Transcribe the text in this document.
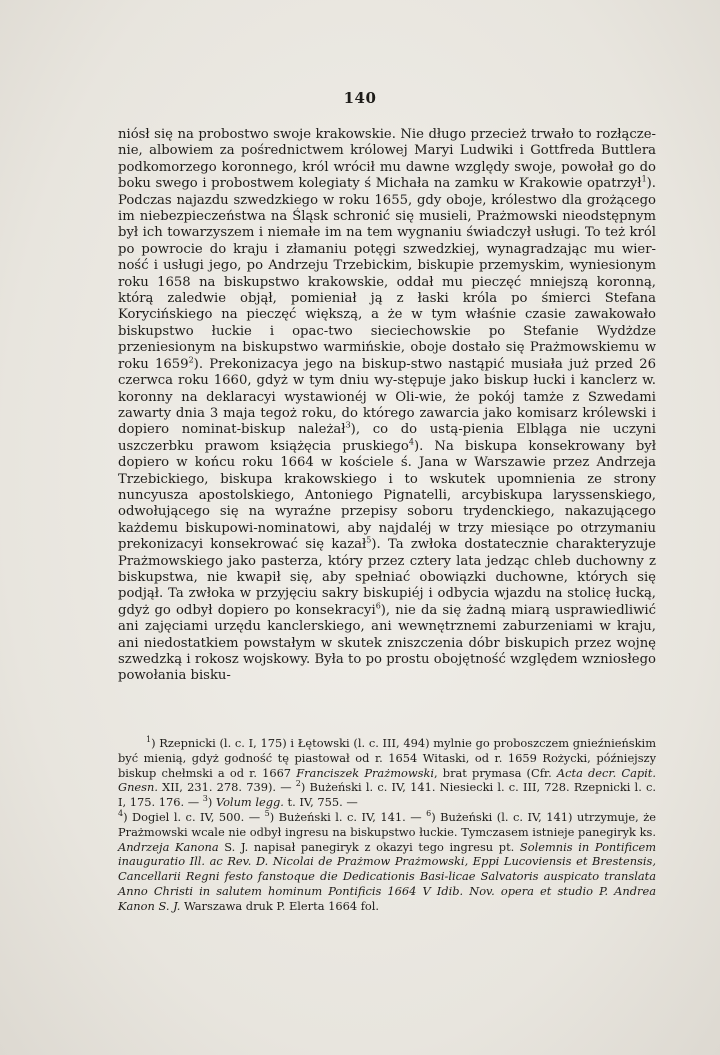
140

niósł się na probostwo swoje krakowskie. Nie długo przecież trwało to rozłącze-nie, albowiem za pośrednictwem królowej Maryi Ludwiki i Gottfreda Buttlera podkomorzego koronnego, król wrócił mu dawne względy swoje, powołał go do boku swego i probostwem kolegiaty ś Michała na zamku w Krakowie opatrzył$^1$). Podczas najazdu szwedzkiego w roku 1655, gdy oboje, królestwo dla grożącego im niebezpieczeństwa na Śląsk schronić się musieli, Prażmowski nieodstępnym był ich towarzyszem i niemałe im na tem wygnaniu świadczył usługi. To też król po powrocie do kraju i złamaniu potęgi szwedzkiej, wynagradzając mu wier-ność i usługi jego, po Andrzeju Trzebickim, biskupie przemyskim, wyniesionym roku 1658 na biskupstwo krakowskie, oddał mu pieczęć mniejszą koronną, którą zaledwie objął, pomieniał ją z łaski króla po śmierci Stefana Korycińskiego na pieczęć większą, a że w tym właśnie czasie zawakowało biskupstwo łuckie i opac-two sieciechowskie po Stefanie Wydżdze przeniesionym na biskupstwo warmińskie, oboje dostało się Prażmowskiemu w roku 1659$^2$). Prekonizacya jego na biskup-stwo nastąpić musiała już przed 26 czerwca roku 1660, gdyż w tym dniu wy-stępuje jako biskup łucki i kanclerz w. koronny na deklaracyi wystawionéj w Oli-wie, że pokój tamże z Szwedami zawarty dnia 3 maja tegoż roku, do którego zawarcia jako komisarz królewski i dopiero nominat-biskup należał$^3$), co do ustą-pienia Elbląga nie uczyni uszczerbku prawom książęcia pruskiego$^4$). Na biskupa konsekrowany był dopiero w końcu roku 1664 w kościele ś. Jana w Warszawie przez Andrzeja Trzebickiego, biskupa krakowskiego i to wskutek upomnienia ze strony nuncyusza apostolskiego, Antoniego Pignatelli, arcybiskupa laryssenskiego, odwołującego się na wyraźne przepisy soboru trydenckiego, nakazującego każdemu biskupowi-nominatowi, aby najdaléj w trzy miesiące po otrzymaniu prekonizacyi konsekrować się kazał$^5$). Ta zwłoka dostatecznie charakteryzuje Prażmowskiego jako pasterza, który przez cztery lata jedząc chleb duchowny z biskupstwa, nie kwapił się, aby spełniać obowiązki duchowne, których się podjął. Ta zwłoka w przyjęciu sakry biskupiéj i odbycia wjazdu na stolicę łucką, gdyż go odbył dopiero po konsekracyi$^6$), nie da się żadną miarą usprawiedliwić ani zajęciami urzędu kanclerskiego, ani wewnętrznemi zaburzeniami w kraju, ani niedostatkiem powstałym w skutek zniszczenia dóbr biskupich przez wojnę szwedzką i rokosz wojskowy. Była to po prostu obojętność względem wzniosłego powołania bisku-

$^1$) Rzepnicki (l. c. I, 175) i Łętowski (l. c. III, 494) mylnie go proboszczem gnieźnieńskim być mienią, gdyż godność tę piastował od r. 1654 Witaski, od r. 1659 Rożycki, późniejszy biskup chełmski a od r. 1667 Franciszek Prażmowski, brat prymasa (Cfr. Acta decr. Capit. Gnesn. XII, 231. 278. 739). — $^2$) Bużeński l. c. IV, 141. Niesiecki l. c. III, 728. Rzepnicki l. c. I, 175. 176. — $^3$) Volum legg. t. IV, 755. —
$^4$) Dogiel l. c. IV, 500. — $^5$) Bużeński l. c. IV, 141. — $^6$) Bużeński (l. c. IV, 141) utrzymuje, że Prażmowski wcale nie odbył ingresu na biskupstwo łuckie. Tymczasem istnieje panegiryk ks. Andrzeja Kanona S. J. napisał panegiryk z okazyi tego ingresu pt. Solemnis in Pontificem inauguratio Ill. ac Rev. D. Nicolai de Prażmow Prażmowski, Eppi Lucoviensis et Brestensis, Cancellarii Regni festo fanstoque die Dedicationis Basi-licae Salvatoris auspicato translata Anno Christi in salutem hominum Pontificis 1664 V Idib. Nov. opera et studio P. Andrea Kanon S. J. Warszawa druk P. Elerta 1664 fol.
